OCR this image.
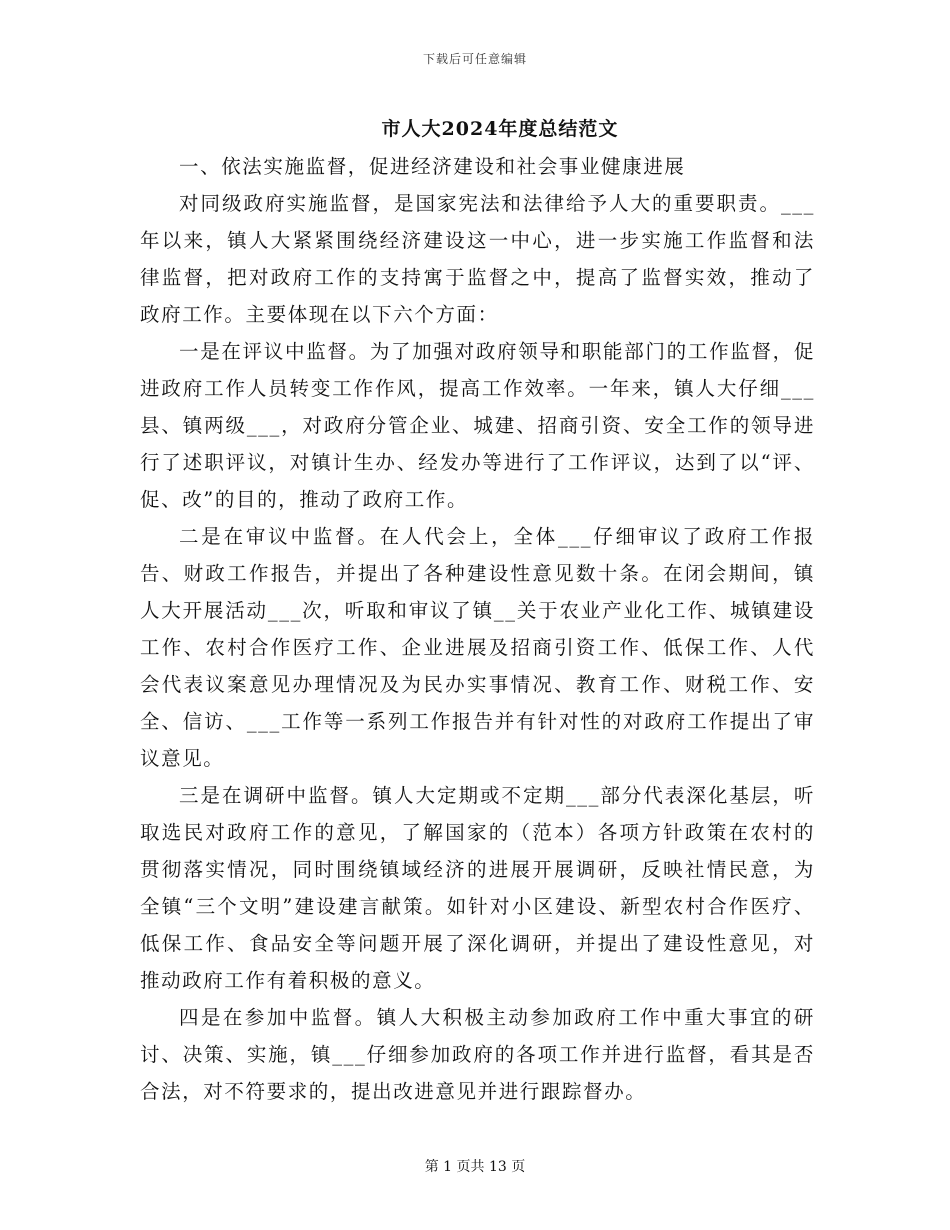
下载后可任意编辑
市人大2024年度总结范文

一、依法实施监督，促进经济建设和社会事业健康进展

对同级政府实施监督，是国家宪法和法律给予人大的重要职责。___年以来，镇人大紧紧围绕经济建设这一中心，进一步实施工作监督和法律监督，把对政府工作的支持寓于监督之中，提高了监督实效，推动了政府工作。主要体现在以下六个方面：

一是在评议中监督。为了加强对政府领导和职能部门的工作监督，促进政府工作人员转变工作作风，提高工作效率。一年来，镇人大仔细___县、镇两级___，对政府分管企业、城建、招商引资、安全工作的领导进行了述职评议，对镇计生办、经发办等进行了工作评议，达到了以“评、促、改”的目的，推动了政府工作。

二是在审议中监督。在人代会上，全体___仔细审议了政府工作报告、财政工作报告，并提出了各种建设性意见数十条。在闭会期间，镇人大开展活动___次，听取和审议了镇__关于农业产业化工作、城镇建设工作、农村合作医疗工作、企业进展及招商引资工作、低保工作、人代会代表议案意见办理情况及为民办实事情况、教育工作、财税工作、安全、信访、___工作等一系列工作报告并有针对性的对政府工作提出了审议意见。

三是在调研中监督。镇人大定期或不定期___部分代表深化基层，听取选民对政府工作的意见，了解国家的（范本）各项方针政策在农村的贯彻落实情况，同时围绕镇域经济的进展开展调研，反映社情民意，为全镇“三个文明”建设建言献策。如针对小区建设、新型农村合作医疗、低保工作、食品安全等问题开展了深化调研，并提出了建设性意见，对推动政府工作有着积极的意义。

四是在参加中监督。镇人大积极主动参加政府工作中重大事宜的研讨、决策、实施，镇___仔细参加政府的各项工作并进行监督，看其是否合法，对不符要求的，提出改进意见并进行跟踪督办。

第 1 页共 13 页
